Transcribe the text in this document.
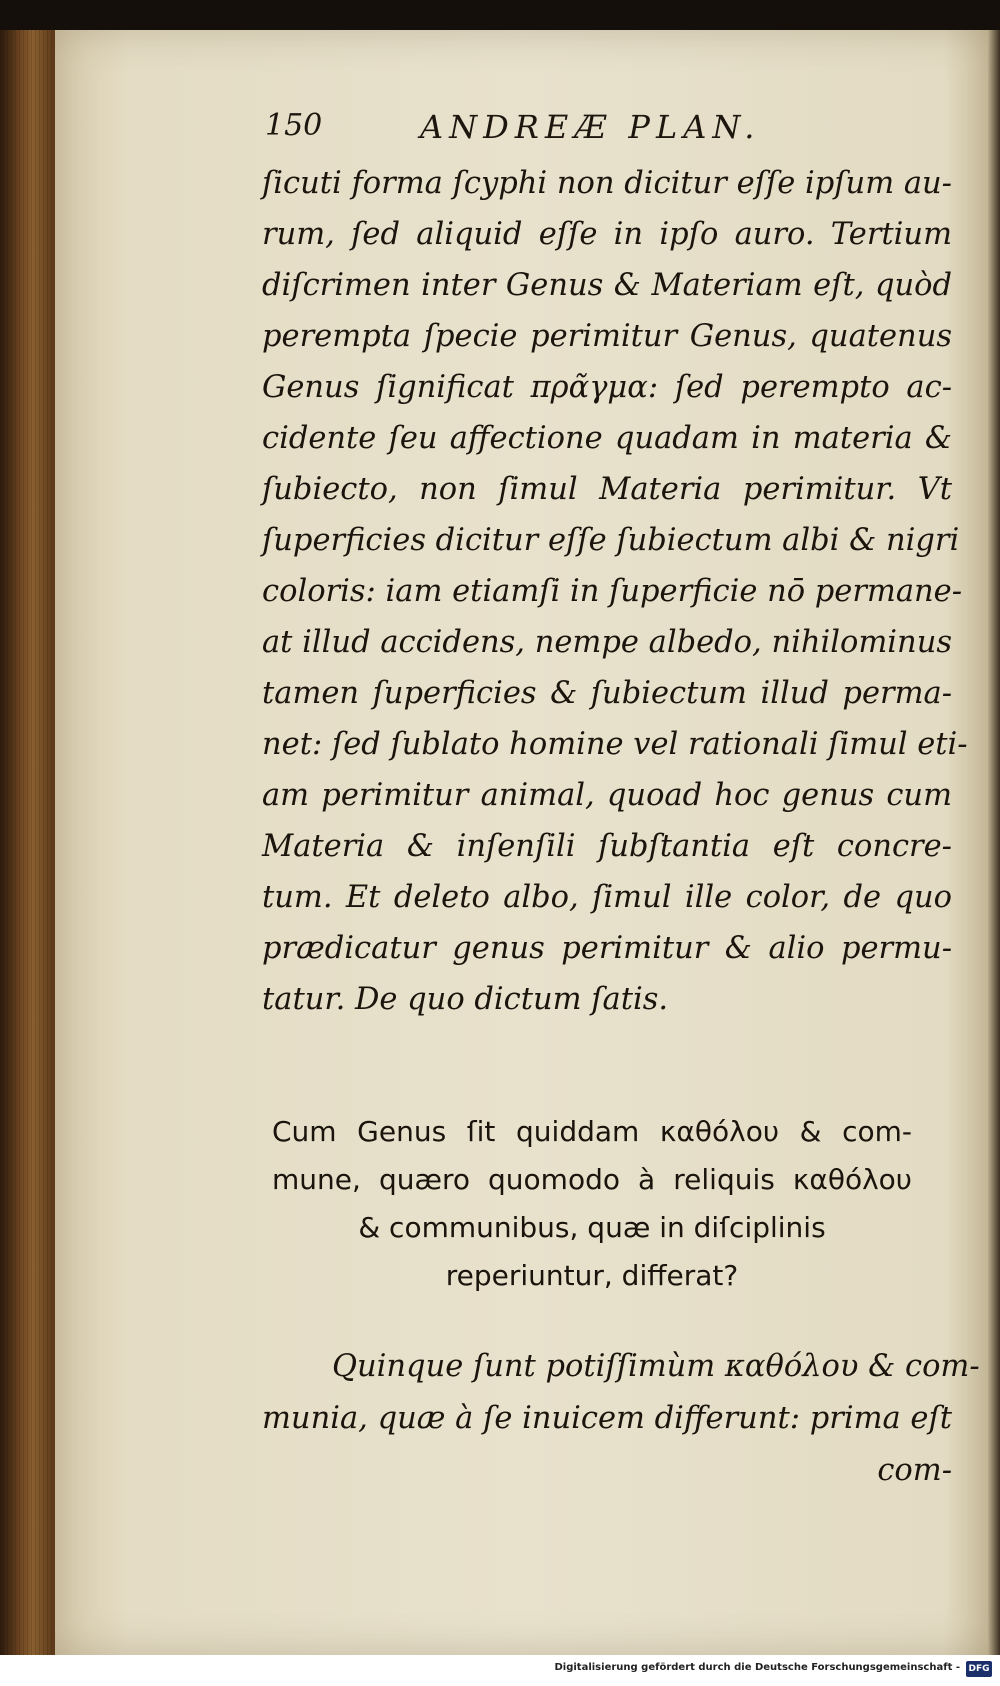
150	ANDREÆ PLAN.
ſicuti forma ſcyphi non dicitur eſſe ipſum au-
rum, ſed aliquid eſſe in ipſo auro. Tertium
diſcrimen inter Genus & Materiam eſt, quòd
perempta ſpecie perimitur Genus, quatenus
Genus ſignificat πρᾶγμα: ſed perempto ac-
cidente ſeu affectione quadam in materia &
ſubiecto, non ſimul Materia perimitur. Vt
ſuperficies dicitur eſſe ſubiectum albi & nigri
coloris: iam etiamſi in ſuperficie nō permane-
at illud accidens, nempe albedo, nihilominus
tamen ſuperficies & ſubiectum illud perma-
net: ſed ſublato homine vel rationali ſimul eti-
am perimitur animal, quoad hoc genus cum
Materia & inſenſili ſubſtantia eſt concre-
tum. Et deleto albo, ſimul ille color, de quo
prædicatur genus perimitur & alio permu-
tatur. De quo dictum ſatis.
Cum Genus ſit quiddam καθόλου & com-
mune, quæro quomodo à reliquis καθόλου
& communibus, quæ in diſciplinis
reperiuntur, differat?
Quinque ſunt potiſſimùm καθόλου & com-
munia, quæ à ſe inuicem differunt: prima eſt
com-
Digitalisierung gefördert durch die Deutsche Forschungsgemeinschaft - DFG
